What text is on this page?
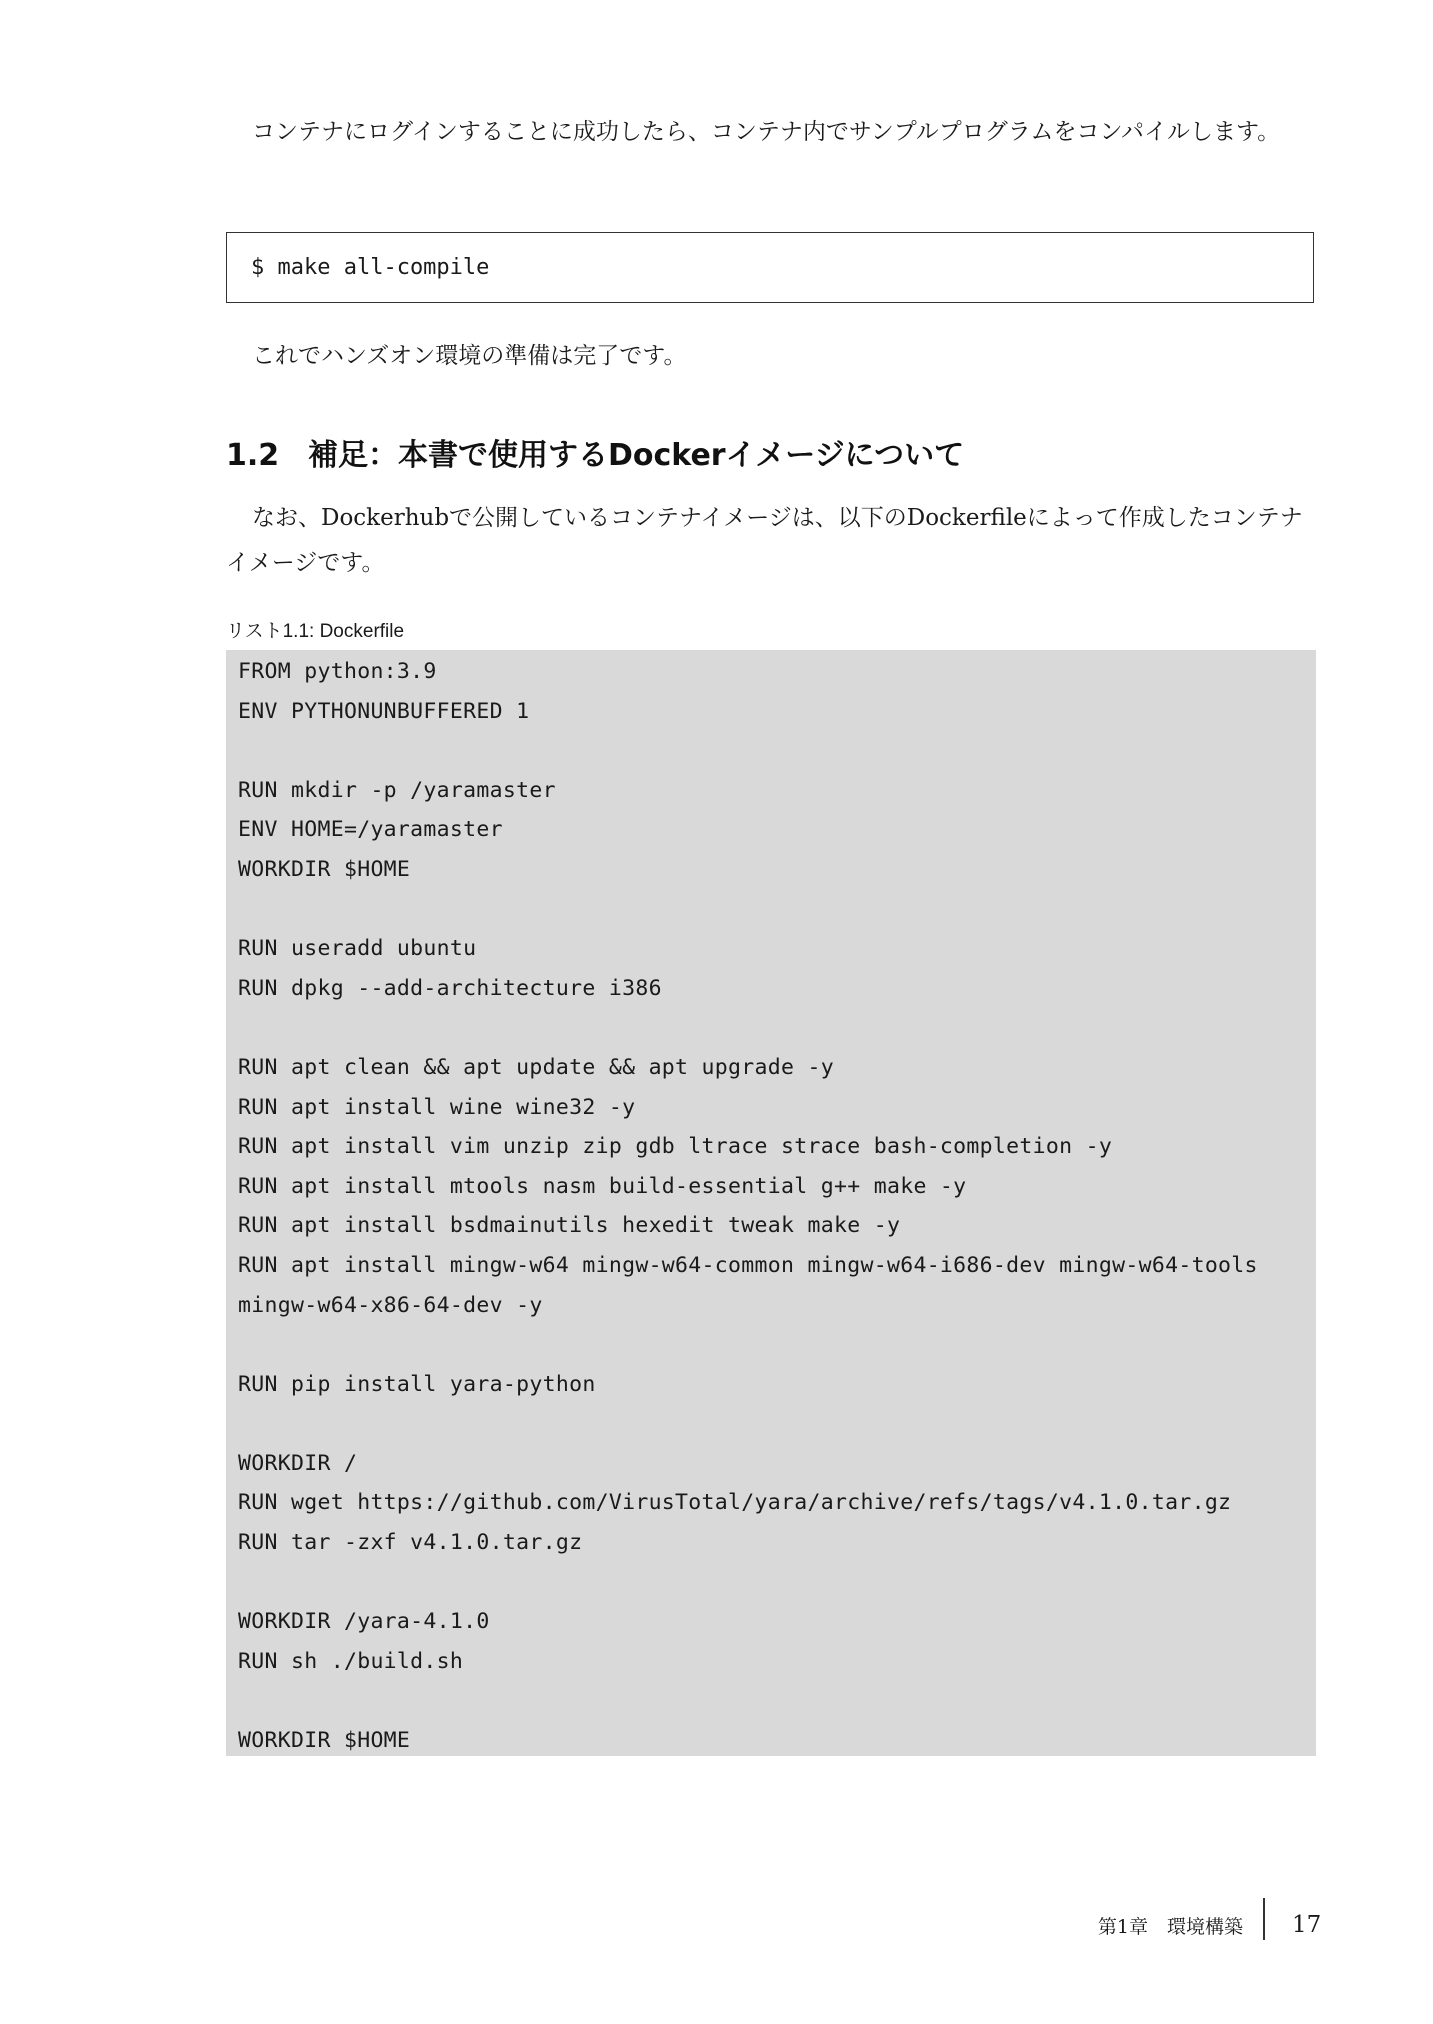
コンテナにログインすることに成功したら、コンテナ内でサンプルプログラムをコンパイルします。

$ make all-compile

これでハンズオン環境の準備は完了です。

1.2 補足：本書で使用するDockerイメージについて

なお、Dockerhubで公開しているコンテナイメージは、以下のDockerfileによって作成したコンテナイメージです。

リスト1.1: Dockerfile
FROM python:3.9
ENV PYTHONUNBUFFERED 1
RUN mkdir -p /yaramaster
ENV HOME=/yaramaster
WORKDIR $HOME
RUN useradd ubuntu
RUN dpkg --add-architecture i386
RUN apt clean && apt update && apt upgrade -y
RUN apt install wine wine32 -y
RUN apt install vim unzip zip gdb ltrace strace bash-completion -y
RUN apt install mtools nasm build-essential g++ make -y
RUN apt install bsdmainutils hexedit tweak make -y
RUN apt install mingw-w64 mingw-w64-common mingw-w64-i686-dev mingw-w64-tools
mingw-w64-x86-64-dev -y
RUN pip install yara-python
WORKDIR /
RUN wget https://github.com/VirusTotal/yara/archive/refs/tags/v4.1.0.tar.gz
RUN tar -zxf v4.1.0.tar.gz
WORKDIR /yara-4.1.0
RUN sh ./build.sh
WORKDIR $HOME
第1章　環境構築 17
